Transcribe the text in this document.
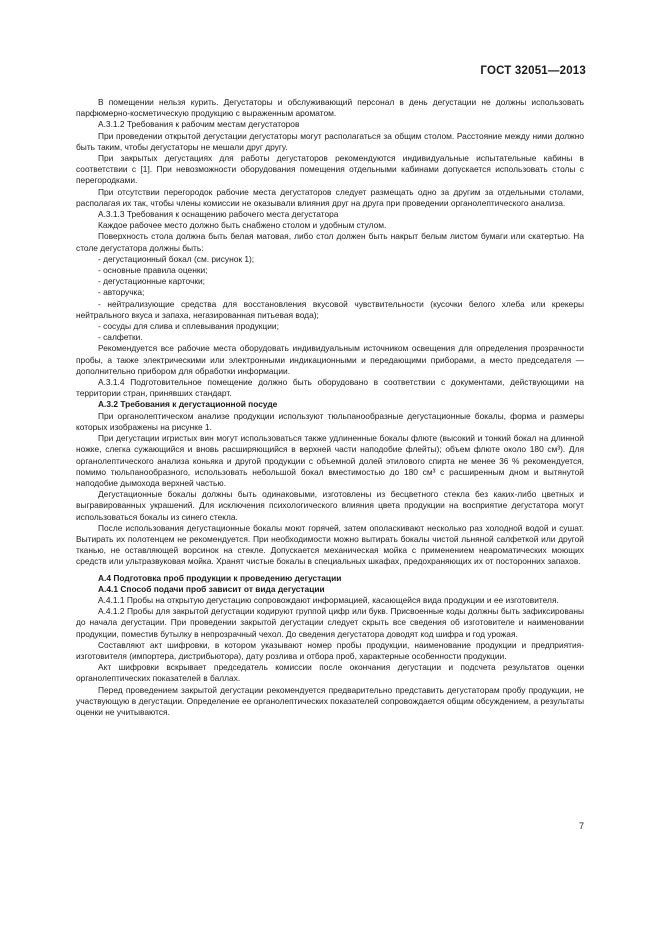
ГОСТ 32051—2013

В помещении нельзя курить. Дегустаторы и обслуживающий персонал в день дегустации не должны использовать парфюмерно-косметическую продукцию с выраженным ароматом.

А.3.1.2 Требования к рабочим местам дегустаторов

При проведении открытой дегустации дегустаторы могут располагаться за общим столом. Расстояние между ними должно быть таким, чтобы дегустаторы не мешали друг другу.

При закрытых дегустациях для работы дегустаторов рекомендуются индивидуальные испытательные кабины в соответствии с [1]. При невозможности оборудования помещения отдельными кабинами допускается использовать столы с перегородками.

При отсутствии перегородок рабочие места дегустаторов следует размещать одно за другим за отдельными столами, располагая их так, чтобы члены комиссии не оказывали влияния друг на друга при проведении органолептического анализа.

А.3.1.3 Требования к оснащению рабочего места дегустатора

Каждое рабочее место должно быть снабжено столом и удобным стулом.

Поверхность стола должна быть белая матовая, либо стол должен быть накрыт белым листом бумаги или скатертью. На столе дегустатора должны быть:

- дегустационный бокал (см. рисунок 1);

- основные правила оценки;

- дегустационные карточки;

- авторучка;

- нейтрализующие средства для восстановления вкусовой чувствительности (кусочки белого хлеба или крекеры нейтрального вкуса и запаха, негазированная питьевая вода);

- сосуды для слива и сплевывания продукции;

- салфетки.

Рекомендуется все рабочие места оборудовать индивидуальным источником освещения для определения прозрачности пробы, а также электрическими или электронными индикационными и передающими приборами, а место председателя — дополнительно прибором для обработки информации.

А.3.1.4 Подготовительное помещение должно быть оборудовано в соответствии с документами, действующими на территории стран, принявших стандарт.

А.3.2 Требования к дегустационной посуде

При органолептическом анализе продукции используют тюльпанообразные дегустационные бокалы, форма и размеры которых изображены на рисунке 1.

При дегустации игристых вин могут использоваться также удлиненные бокалы флюте (высокий и тонкий бокал на длинной ножке, слегка сужающийся и вновь расширяющийся в верхней части наподобие флейты); объем флюте около 180 см³). Для органолептического анализа коньяка и другой продукции с объемной долей этилового спирта не менее 36 % рекомендуется, помимо тюльпанообразного, использовать небольшой бокал вместимостью до 180 см³ с расширенным дном и вытянутой наподобие дымохода верхней частью.

Дегустационные бокалы должны быть одинаковыми, изготовлены из бесцветного стекла без каких-либо цветных и выгравированных украшений. Для исключения психологического влияния цвета продукции на восприятие дегустатора могут использоваться бокалы из синего стекла.

После использования дегустационные бокалы моют горячей, затем ополаскивают несколько раз холодной водой и сушат. Вытирать их полотенцем не рекомендуется. При необходимости можно вытирать бокалы чистой льняной салфеткой или другой тканью, не оставляющей ворсинок на стекле. Допускается механическая мойка с применением неароматических моющих средств или ультразвуковая мойка. Хранят чистые бокалы в специальных шкафах, предохраняющих их от посторонних запахов.

А.4 Подготовка проб продукции к проведению дегустации

А.4.1 Способ подачи проб зависит от вида дегустации

А.4.1.1 Пробы на открытую дегустацию сопровождают информацией, касающейся вида продукции и ее изготовителя.

А.4.1.2 Пробы для закрытой дегустации кодируют группой цифр или букв. Присвоенные коды должны быть зафиксированы до начала дегустации. При проведении закрытой дегустации следует скрыть все сведения об изготовителе и наименовании продукции, поместив бутылку в непрозрачный чехол. До сведения дегустатора доводят код шифра и год урожая.

Составляют акт шифровки, в котором указывают номер пробы продукции, наименование продукции и предприятия-изготовителя (импортера, дистрибьютора), дату розлива и отбора проб, характерные особенности продукции.

Акт шифровки вскрывает председатель комиссии после окончания дегустации и подсчета результатов оценки органолептических показателей в баллах.

Перед проведением закрытой дегустации рекомендуется предварительно представить дегустаторам пробу продукции, не участвующую в дегустации. Определение ее органолептических показателей сопровождается общим обсуждением, а результаты оценки не учитываются.

7
